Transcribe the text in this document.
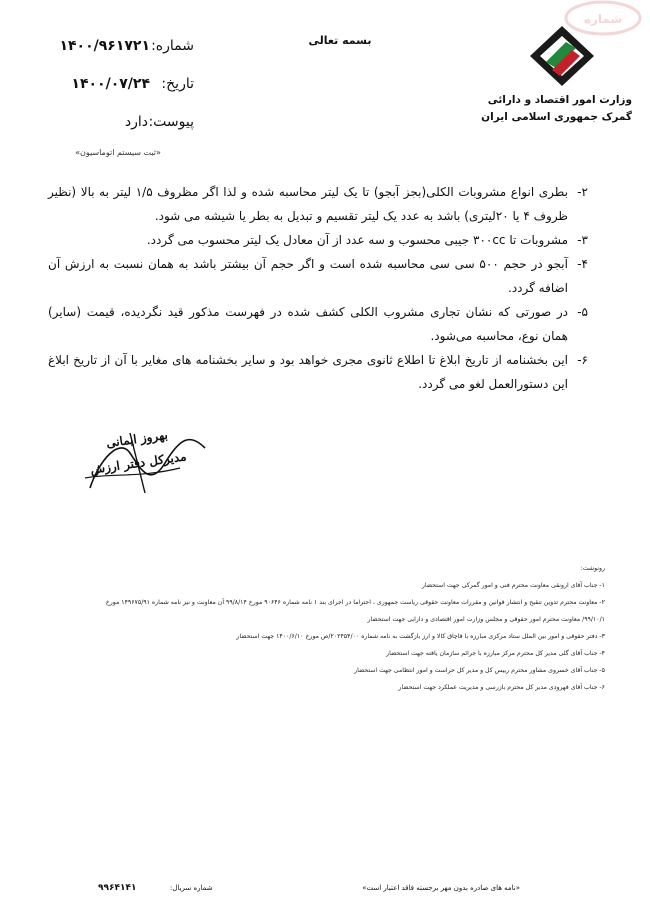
شماره
شماره:
۱۴۰۰/۹۶۱۷۲۱
تاریخ:
۱۴۰۰/۰۷/۲۴
پیوست:
دارد
«ثبت سیستم اتوماسیون»
بسمه تعالی
وزارت امور اقتصاد و دارائی
گمرک جمهوری اسلامی ایران

۲-
بطری انواع مشروبات الکلی(بجز آبجو) تا یک لیتر محاسبه شده و لذا اگر مظروف ۱/۵ لیتر به بالا (نظیر ظروف ۴ یا ۲۰لیتری) باشد به عدد یک لیتر تقسیم و تبدیل به بطر یا شیشه می شود.

۳-
مشروبات تا ۳۰۰cc جیبی محسوب و سه عدد از آن معادل یک لیتر محسوب می گردد.

۴-
آبجو در حجم ۵۰۰ سی سی محاسبه شده است و اگر حجم آن بیشتر باشد به همان نسبت به ارزش آن اضافه گردد.

۵-
در صورتی که نشان تجاری مشروب الکلی کشف شده در فهرست مذکور قید نگردیده، قیمت (سایر) همان نوع، محاسبه می‌شود.

۶-
این بخشنامه از تاریخ ابلاغ تا اطلاع ثانوی مجری خواهد بود و سایر بخشنامه های مغایر با آن از تاریخ ابلاغ این دستورالعمل لغو می گردد.

بهروز ایمانی
مدیرکل دفتر ارزش
رونوشت:
۱- جناب آقای ارونقی معاونت محترم فنی و امور گمرکی جهت استحضار
۲- معاونت محترم تدوین تنقیح و انتشار قوانین و مقررات معاونت حقوقی ریاست جمهوری ، احتراما در اجرای بند ۱ نامه شماره ۹۰۶۴۶ مورخ ۹۹/۸/۱۴ آن معاونت و نیز نامه شماره ۱۴۹۶۷۵/۹۱ مورخ
۹۹/۱۰/۱/ معاونت محترم امور حقوقی و مجلس وزارت امور اقتصادی و دارایی جهت استحضار
۳- دفتر حقوقی و امور بین الملل ستاد مرکزی مبارزه با قاچاق کالا و ارز بازگشت به نامه شماره ۲۰۲۴۵۴/۰۰/ص مورخ ۱۴۰۰/۶/۱۰ جهت استحضار
۴- جناب آقای گلی مدیر کل محترم مرکز مبارزه با جرائم سازمان یافته جهت استحضار
۵- جناب آقای خسروی مشاور محترم رییس کل و مدیر کل حراست و امور انتظامی جهت استحضار
۶- جناب آقای فهرودی مدیر کل محترم بازرسی و مدیریت عملکرد جهت استحضار
«نامه های صادره بدون مهر برجسته فاقد اعتبار است»
شماره سریال:
۹۹۶۴۱۴۱
